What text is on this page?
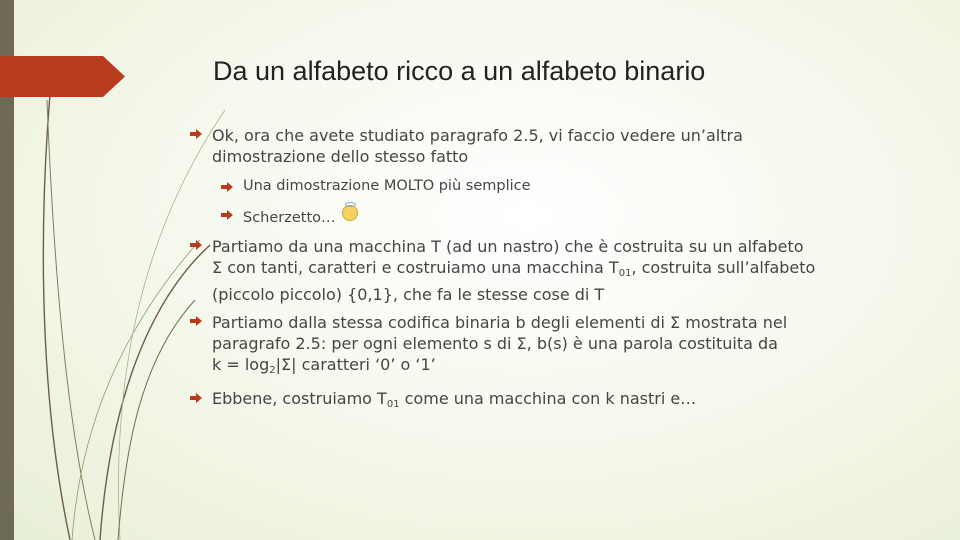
Da un alfabeto ricco a un alfabeto binario
Ok, ora che avete studiato paragrafo 2.5, vi faccio vedere un’altra
dimostrazione dello stesso fatto
Una dimostrazione MOLTO più semplice
Scherzetto…
Partiamo da una macchina T (ad un nastro) che è costruita su un alfabeto
Σ con tanti, caratteri e costruiamo una macchina $T_{01}$, costruita sull’alfabeto
(piccolo piccolo) {0,1}, che fa le stesse cose di T
Partiamo dalla stessa codifica binaria b degli elementi di Σ mostrata nel
paragrafo 2.5: per ogni elemento s di Σ, b(s) è una parola costituita da
$k = \log_2|\Sigma|$ caratteri ‘0’ o ‘1’
Ebbene, costruiamo $T_{01}$ come una macchina con k nastri e…
